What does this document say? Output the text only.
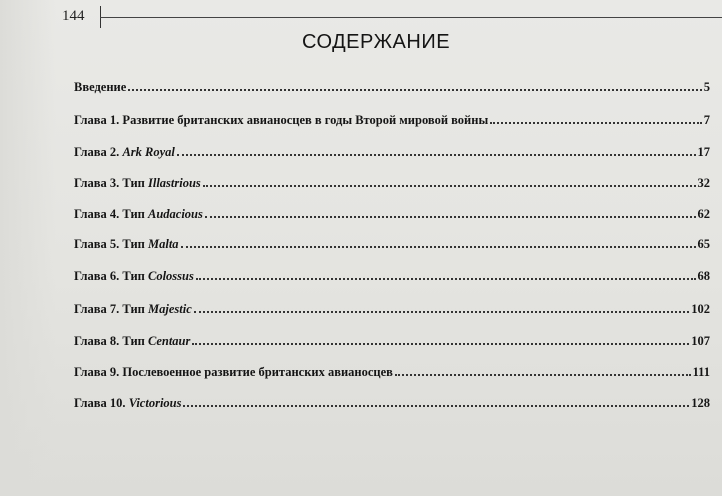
144
СОДЕРЖАНИЕ
Введение	5
Глава 1. Развитие британских авианосцев в годы Второй мировой войны	7
Глава 2. Ark Royal	17
Глава 3. Тип Illastrious	32
Глава 4. Тип Audacious	62
Глава 5. Тип Malta	65
Глава 6. Тип Colossus	68
Глава 7. Тип Majestic	102
Глава 8. Тип Centaur	107
Глава 9. Послевоенное развитие британских авианосцев	111
Глава 10. Victorious	128
